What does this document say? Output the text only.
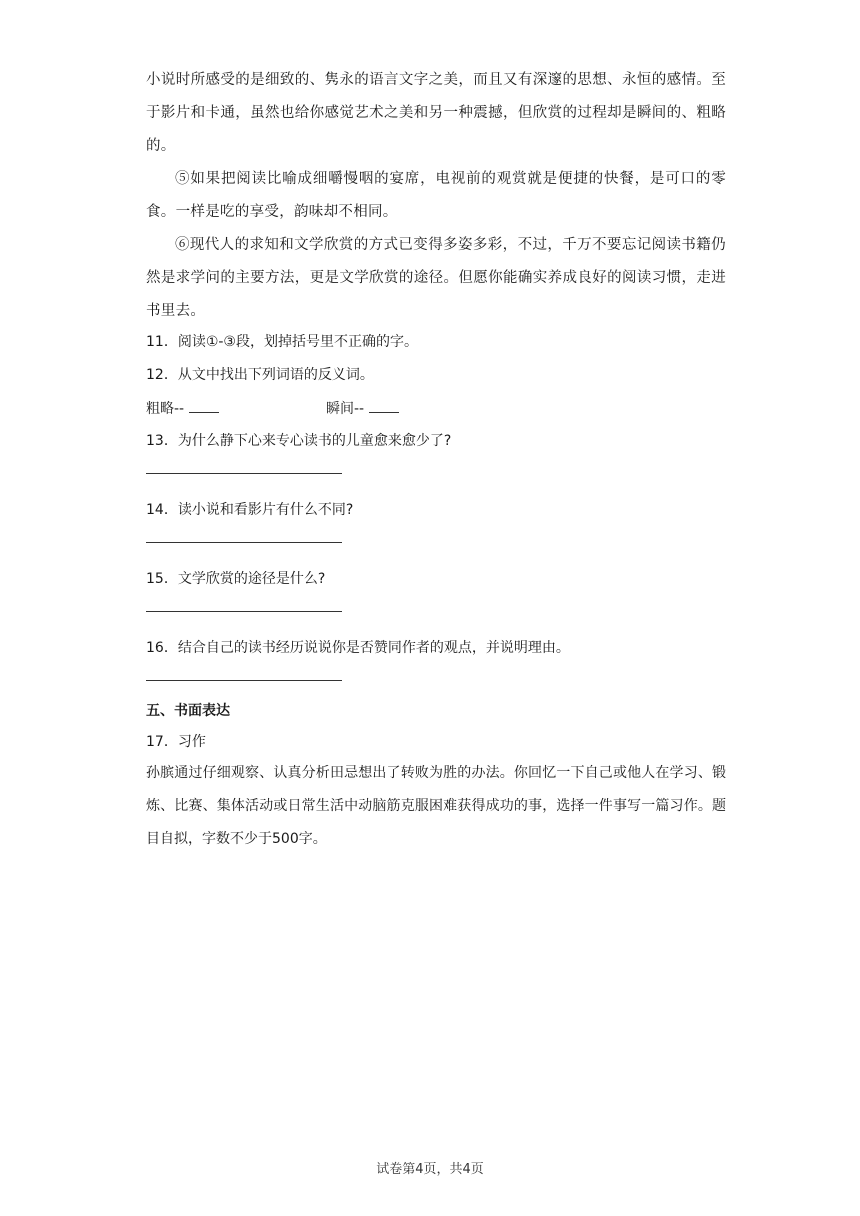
小说时所感受的是细致的、隽永的语言文字之美，而且又有深邃的思想、永恒的感情。至于影片和卡通，虽然也给你感觉艺术之美和另一种震撼，但欣赏的过程却是瞬间的、粗略的。

⑤如果把阅读比喻成细嚼慢咽的宴席，电视前的观赏就是便捷的快餐，是可口的零食。一样是吃的享受，韵味却不相同。

⑥现代人的求知和文学欣赏的方式已变得多姿多彩，不过，千万不要忘记阅读书籍仍然是求学问的主要方法，更是文学欣赏的途径。但愿你能确实养成良好的阅读习惯，走进书里去。

11．阅读①-③段，划掉括号里不正确的字。

12．从文中找出下列词语的反义词。

粗略--	瞬间--

13．为什么静下心来专心读书的儿童愈来愈少了?

14．读小说和看影片有什么不同?

15．文学欣赏的途径是什么?

16．结合自己的读书经历说说你是否赞同作者的观点，并说明理由。

五、书面表达

17．习作

孙膑通过仔细观察、认真分析田忌想出了转败为胜的办法。你回忆一下自己或他人在学习、锻炼、比赛、集体活动或日常生活中动脑筋克服困难获得成功的事，选择一件事写一篇习作。题目自拟，字数不少于500字。

试卷第4页，共4页
